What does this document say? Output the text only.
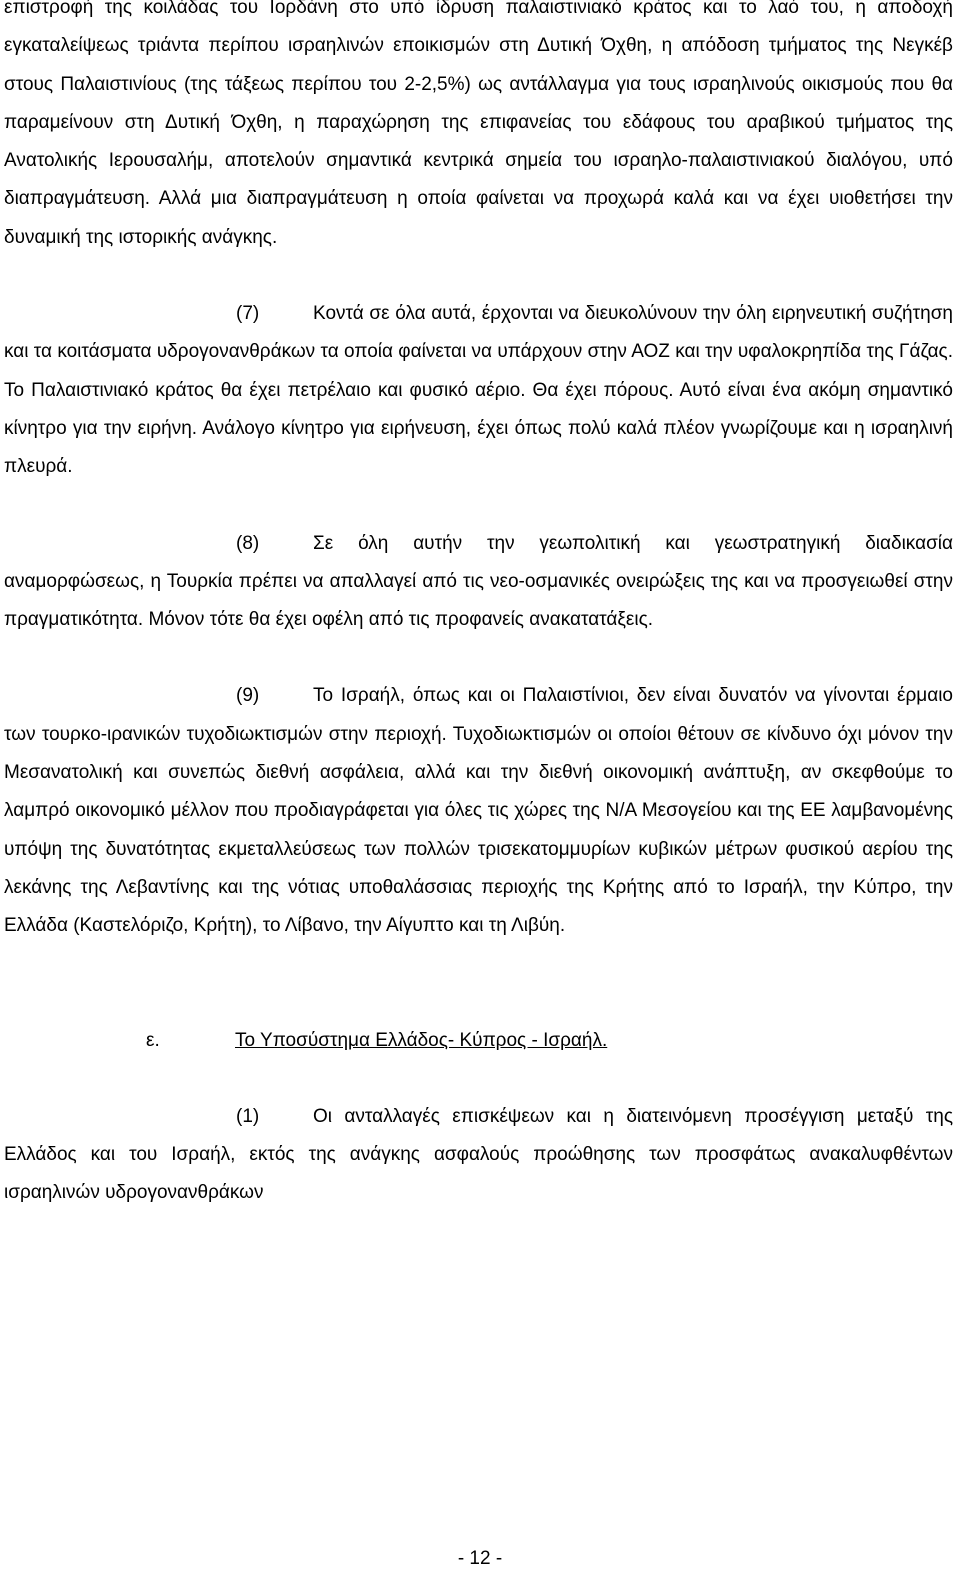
επιστροφή της κοιλάδας του Ιορδάνη στο υπό ίδρυση παλαιστινιακό κράτος και το λαό του, η αποδοχή εγκαταλείψεως τριάντα περίπου ισραηλινών εποικισμών στη Δυτική Όχθη, η απόδοση τμήματος της Νεγκέβ στους Παλαιστινίους (της τάξεως περίπου του 2-2,5%) ως αντάλλαγμα για τους ισραηλινούς οικισμούς που θα παραμείνουν στη Δυτική Όχθη, η παραχώρηση της επιφανείας του εδάφους του αραβικού τμήματος της Ανατολικής Ιερουσαλήμ, αποτελούν σημαντικά κεντρικά σημεία του ισραηλο-παλαιστινιακού διαλόγου, υπό διαπραγμάτευση. Αλλά μια διαπραγμάτευση η οποία φαίνεται να προχωρά καλά και να έχει υιοθετήσει την δυναμική της ιστορικής ανάγκης.

(7)	Κοντά σε όλα αυτά, έρχονται να διευκολύνουν την όλη ειρηνευτική συζήτηση και τα κοιτάσματα υδρογονανθράκων τα οποία φαίνεται να υπάρχουν στην ΑΟΖ και την υφαλοκρηπίδα της Γάζας. Το Παλαιστινιακό κράτος θα έχει πετρέλαιο και φυσικό αέριο. Θα έχει πόρους. Αυτό είναι ένα ακόμη σημαντικό κίνητρο για την ειρήνη. Ανάλογο κίνητρο για ειρήνευση, έχει όπως πολύ καλά πλέον γνωρίζουμε και η ισραηλινή πλευρά.

(8)	Σε όλη αυτήν την γεωπολιτική και γεωστρατηγική διαδικασία αναμορφώσεως, η Τουρκία πρέπει να απαλλαγεί από τις νεο-οσμανικές ονειρώξεις της και να προσγειωθεί στην πραγματικότητα. Μόνον τότε θα έχει οφέλη από τις προφανείς ανακατατάξεις.

(9)	Το Ισραήλ, όπως και οι Παλαιστίνιοι, δεν είναι δυνατόν να γίνονται έρμαιο των τουρκο-ιρανικών τυχοδιωκτισμών στην περιοχή. Τυχοδιωκτισμών οι οποίοι θέτουν σε κίνδυνο όχι μόνον την Μεσανατολική και συνεπώς διεθνή ασφάλεια, αλλά και την διεθνή οικονομική ανάπτυξη, αν σκεφθούμε το λαμπρό οικονομικό μέλλον που προδιαγράφεται για όλες τις χώρες της Ν/Α Μεσογείου και της ΕΕ λαμβανομένης υπόψη της δυνατότητας εκμεταλλεύσεως των πολλών τρισεκατομμυρίων κυβικών μέτρων φυσικού αερίου της λεκάνης της Λεβαντίνης και της νότιας υποθαλάσσιας περιοχής της Κρήτης από το Ισραήλ, την Κύπρο, την Ελλάδα (Καστελόριζο, Κρήτη), το Λίβανο, την Αίγυπτο και τη Λιβύη.

ε.	Το Υποσύστημα Ελλάδος- Κύπρος - Ισραήλ.

(1)	Οι ανταλλαγές επισκέψεων και η διατεινόμενη προσέγγιση μεταξύ της Ελλάδος και του Ισραήλ, εκτός της ανάγκης ασφαλούς προώθησης των προσφάτως ανακαλυφθέντων ισραηλινών υδρογονανθράκων

- 12 -
